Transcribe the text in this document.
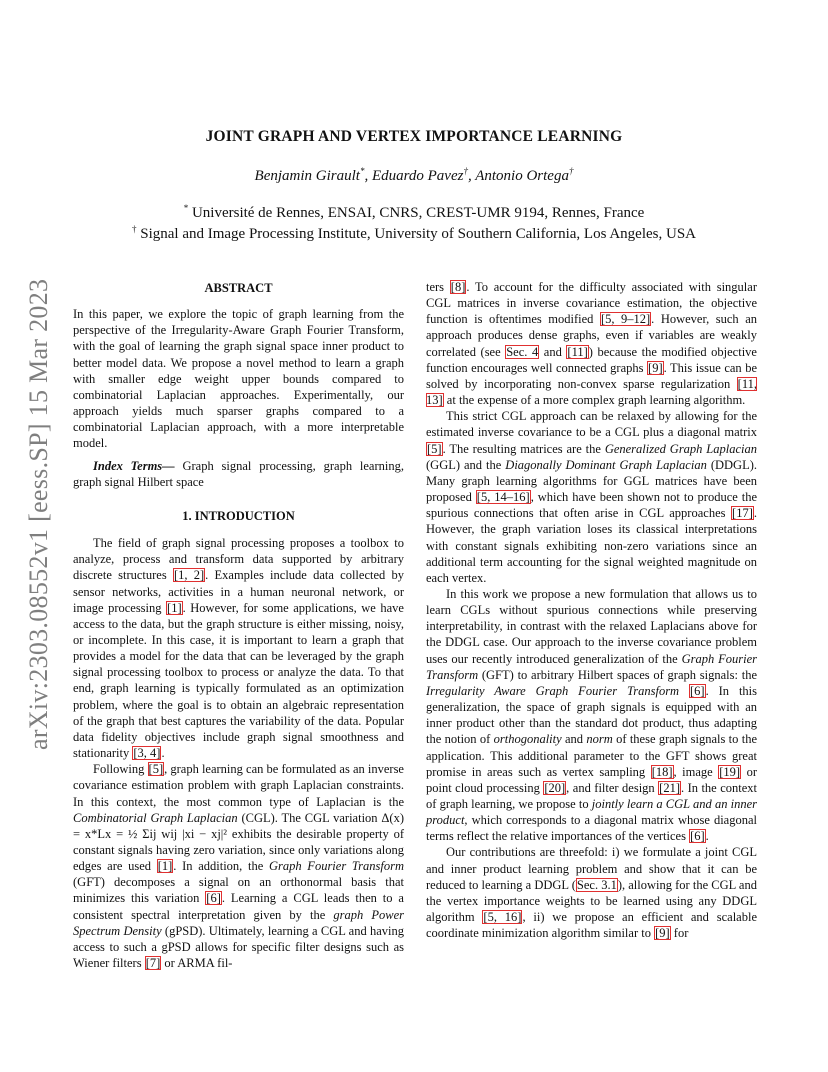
arXiv:2303.08552v1 [eess.SP] 15 Mar 2023
JOINT GRAPH AND VERTEX IMPORTANCE LEARNING
Benjamin Girault*, Eduardo Pavez†, Antonio Ortega†
* Université de Rennes, ENSAI, CNRS, CREST-UMR 9194, Rennes, France
† Signal and Image Processing Institute, University of Southern California, Los Angeles, USA
ABSTRACT

In this paper, we explore the topic of graph learning from the perspective of the Irregularity-Aware Graph Fourier Transform, with the goal of learning the graph signal space inner product to better model data. We propose a novel method to learn a graph with smaller edge weight upper bounds compared to combinatorial Laplacian approaches. Experimentally, our approach yields much sparser graphs compared to a combinatorial Laplacian approach, with a more interpretable model.

Index Terms— Graph signal processing, graph learning, graph signal Hilbert space

1. INTRODUCTION

The field of graph signal processing proposes a toolbox to analyze, process and transform data supported by arbitrary discrete structures [1, 2]. Examples include data collected by sensor networks, activities in a human neuronal network, or image processing [1]. However, for some applications, we have access to the data, but the graph structure is either missing, noisy, or incomplete. In this case, it is important to learn a graph that provides a model for the data that can be leveraged by the graph signal processing toolbox to process or analyze the data. To that end, graph learning is typically formulated as an optimization problem, where the goal is to obtain an algebraic representation of the graph that best captures the variability of the data. Popular data fidelity objectives include graph signal smoothness and stationarity [3, 4].

Following [5], graph learning can be formulated as an inverse covariance estimation problem with graph Laplacian constraints. In this context, the most common type of Laplacian is the Combinatorial Graph Laplacian (CGL). The CGL variation Δ(x) = x*Lx = ½ Σij wij |xi − xj|² exhibits the desirable property of constant signals having zero variation, since only variations along edges are used [1]. In addition, the Graph Fourier Transform (GFT) decomposes a signal on an orthonormal basis that minimizes this variation [6]. Learning a CGL leads then to a consistent spectral interpretation given by the graph Power Spectrum Density (gPSD). Ultimately, learning a CGL and having access to such a gPSD allows for specific filter designs such as Wiener filters [7] or ARMA fil-

ters [8]. To account for the difficulty associated with singular CGL matrices in inverse covariance estimation, the objective function is oftentimes modified [5, 9–12]. However, such an approach produces dense graphs, even if variables are weakly correlated (see Sec. 4 and [11]) because the modified objective function encourages well connected graphs [9]. This issue can be solved by incorporating non-convex sparse regularization [11, 13] at the expense of a more complex graph learning algorithm.

This strict CGL approach can be relaxed by allowing for the estimated inverse covariance to be a CGL plus a diagonal matrix [5]. The resulting matrices are the Generalized Graph Laplacian (GGL) and the Diagonally Dominant Graph Laplacian (DDGL). Many graph learning algorithms for GGL matrices have been proposed [5, 14–16], which have been shown not to produce the spurious connections that often arise in CGL approaches [17]. However, the graph variation loses its classical interpretations with constant signals exhibiting non-zero variations since an additional term accounting for the signal weighted magnitude on each vertex.

In this work we propose a new formulation that allows us to learn CGLs without spurious connections while preserving interpretability, in contrast with the relaxed Laplacians above for the DDGL case. Our approach to the inverse covariance problem uses our recently introduced generalization of the Graph Fourier Transform (GFT) to arbitrary Hilbert spaces of graph signals: the Irregularity Aware Graph Fourier Transform [6]. In this generalization, the space of graph signals is equipped with an inner product other than the standard dot product, thus adapting the notion of orthogonality and norm of these graph signals to the application. This additional parameter to the GFT shows great promise in areas such as vertex sampling [18], image [19] or point cloud processing [20], and filter design [21]. In the context of graph learning, we propose to jointly learn a CGL and an inner product, which corresponds to a diagonal matrix whose diagonal terms reflect the relative importances of the vertices [6].

Our contributions are threefold: i) we formulate a joint CGL and inner product learning problem and show that it can be reduced to learning a DDGL (Sec. 3.1), allowing for the CGL and the vertex importance weights to be learned using any DDGL algorithm [5, 16], ii) we propose an efficient and scalable coordinate minimization algorithm similar to [9] for
